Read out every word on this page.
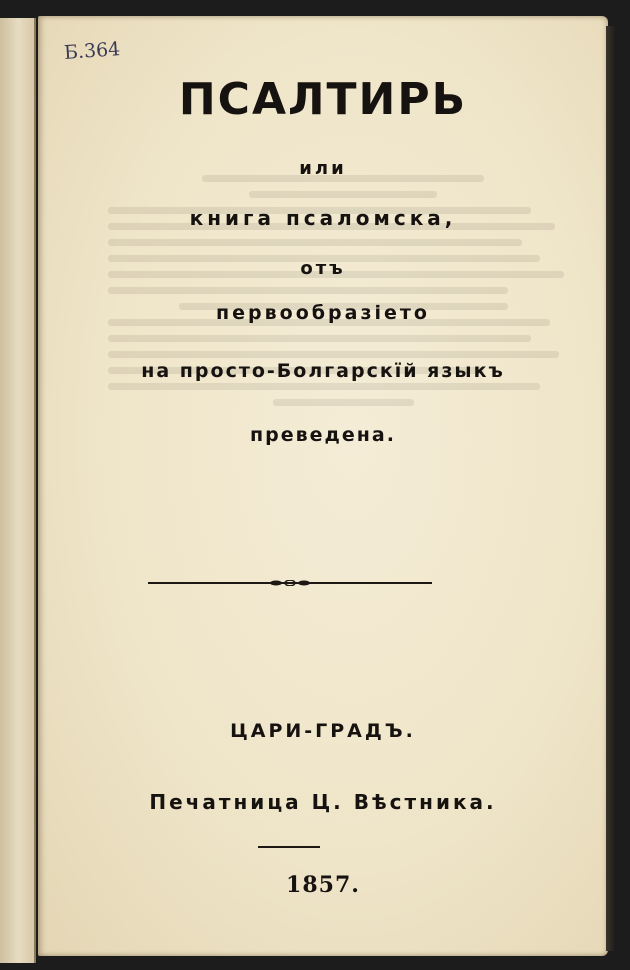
Б.364
ПСАЛТИРЬ
или
книга псаломска,
отъ
первообразіето
на просто-Болгарскїй языкъ
преведена.
ЦАРИ-ГРАДЪ.
Печатница Ц. Вѣстника.
1857.
